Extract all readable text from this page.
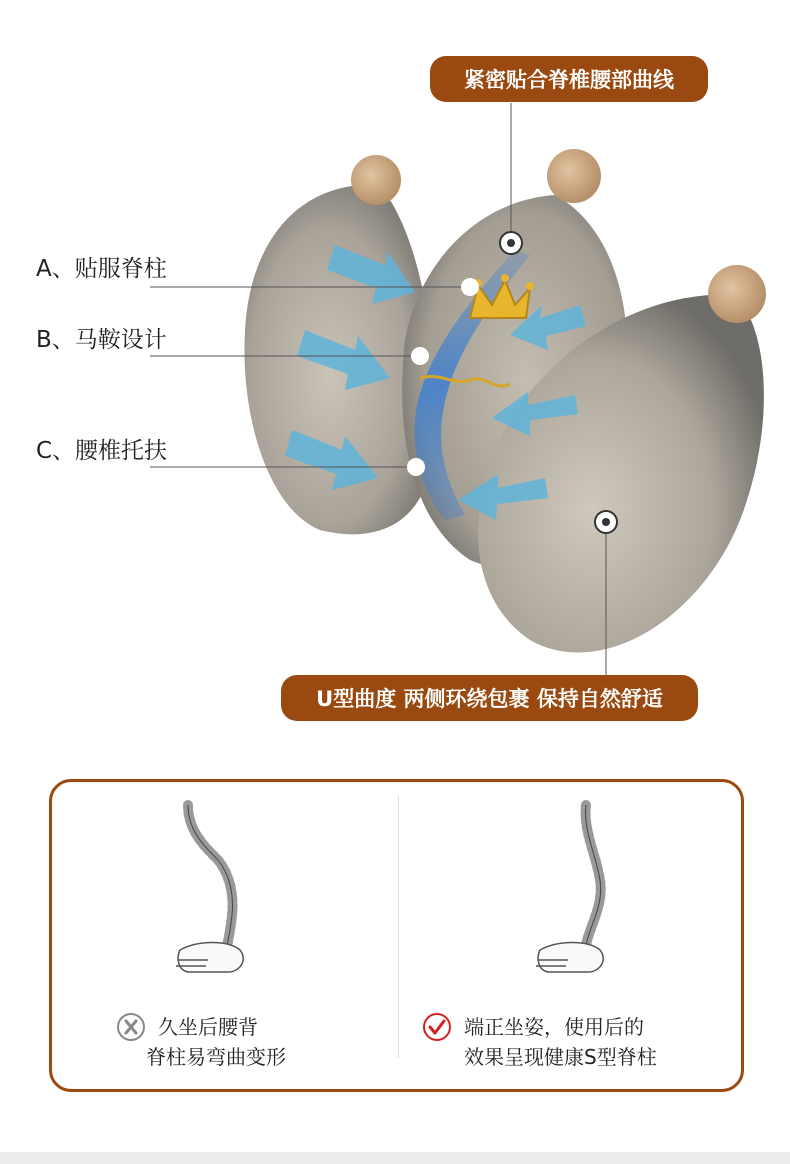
紧密贴合脊椎腰部曲线
U型曲度 两侧环绕包裹 保持自然舒适
A、贴服脊柱
B、马鞍设计
C、腰椎托扶
久坐后腰背
脊柱易弯曲变形
端正坐姿，使用后的
效果呈现健康S型脊柱
